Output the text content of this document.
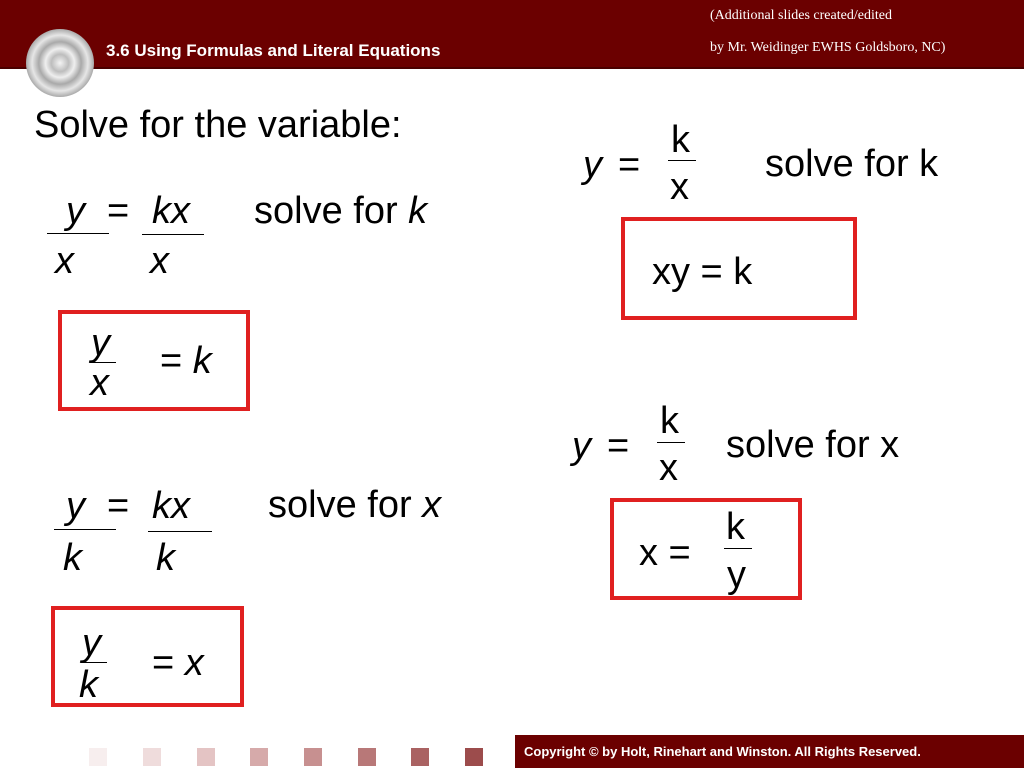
3.6 Using Formulas and Literal Equations
(Additional slides created/edited
by Mr. Weidinger EWHS Goldsboro, NC)
Solve for the variable:
y = kx
x x
solve for k
y
x
= k
y = kx
k k
solve for x
y
k
= x
y =
k
x
solve for k
xy = k
y =
k
x
solve for x
x =
k
y
Copyright © by Holt, Rinehart and Winston. All Rights Reserved.
